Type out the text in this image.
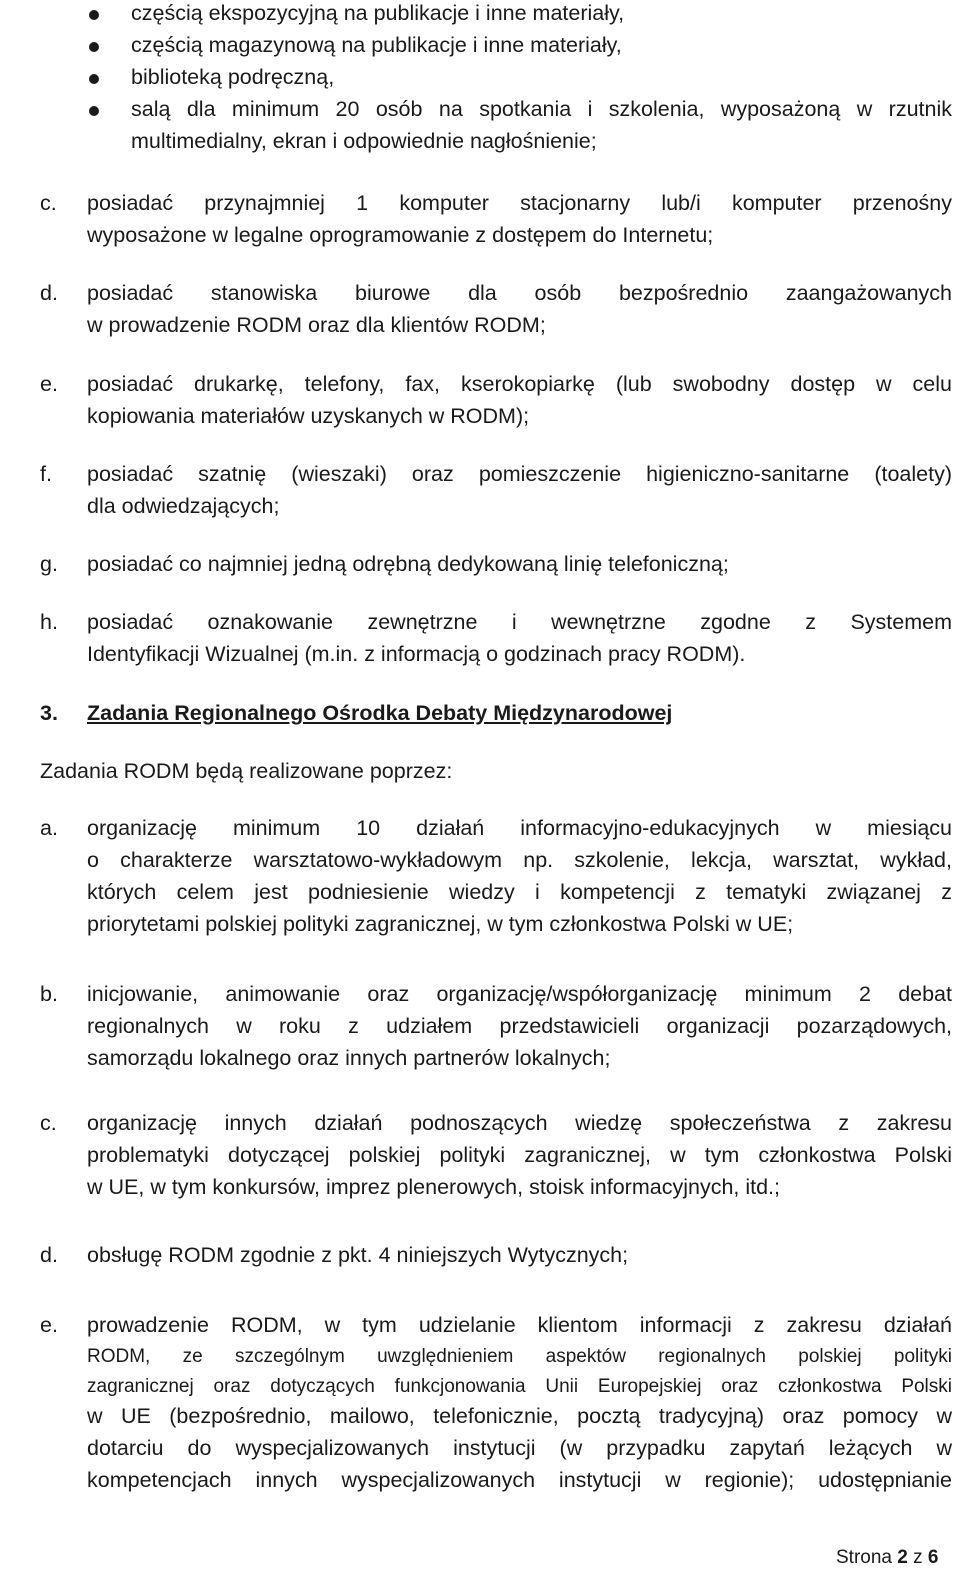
częścią ekspozycyjną na publikacje i inne materiały,
częścią magazynową na publikacje i inne materiały,
biblioteką podręczną,
salą dla minimum 20 osób na spotkania i szkolenia, wyposażoną w rzutnik
multimedialny, ekran i odpowiednie nagłośnienie;
c. posiadać przynajmniej 1 komputer stacjonarny lub/i komputer przenośny
wyposażone w legalne oprogramowanie z dostępem do Internetu;
d. posiadać stanowiska biurowe dla osób bezpośrednio zaangażowanych
w prowadzenie RODM oraz dla klientów RODM;
e. posiadać drukarkę, telefony, fax, kserokopiarkę (lub swobodny dostęp w celu
kopiowania materiałów uzyskanych w RODM);
f. posiadać szatnię (wieszaki) oraz pomieszczenie higieniczno-sanitarne (toalety)
dla odwiedzających;
g. posiadać co najmniej jedną odrębną dedykowaną linię telefoniczną;
h. posiadać oznakowanie zewnętrzne i wewnętrzne zgodne z Systemem
Identyfikacji Wizualnej (m.in. z informacją o godzinach pracy RODM).
3. Zadania Regionalnego Ośrodka Debaty Międzynarodowej
Zadania RODM będą realizowane poprzez:
a. organizację minimum 10 działań informacyjno-edukacyjnych w miesiącu
o charakterze warsztatowo-wykładowym np. szkolenie, lekcja, warsztat, wykład,
których celem jest podniesienie wiedzy i kompetencji z tematyki związanej z
priorytetami polskiej polityki zagranicznej, w tym członkostwa Polski w UE;
b. inicjowanie, animowanie oraz organizację/współorganizację minimum 2 debat
regionalnych w roku z udziałem przedstawicieli organizacji pozarządowych,
samorządu lokalnego oraz innych partnerów lokalnych;
c. organizację innych działań podnoszących wiedzę społeczeństwa z zakresu
problematyki dotyczącej polskiej polityki zagranicznej, w tym członkostwa Polski
w UE, w tym konkursów, imprez plenerowych, stoisk informacyjnych, itd.;
d. obsługę RODM zgodnie z pkt. 4 niniejszych Wytycznych;
e. prowadzenie RODM, w tym udzielanie klientom informacji z zakresu działań
RODM, ze szczególnym uwzględnieniem aspektów regionalnych polskiej polityki
zagranicznej oraz dotyczących funkcjonowania Unii Europejskiej oraz członkostwa Polski
w UE (bezpośrednio, mailowo, telefonicznie, pocztą tradycyjną) oraz pomocy w
dotarciu do wyspecjalizowanych instytucji (w przypadku zapytań leżących w
kompetencjach innych wyspecjalizowanych instytucji w regionie); udostępnianie
Strona 2 z 6
